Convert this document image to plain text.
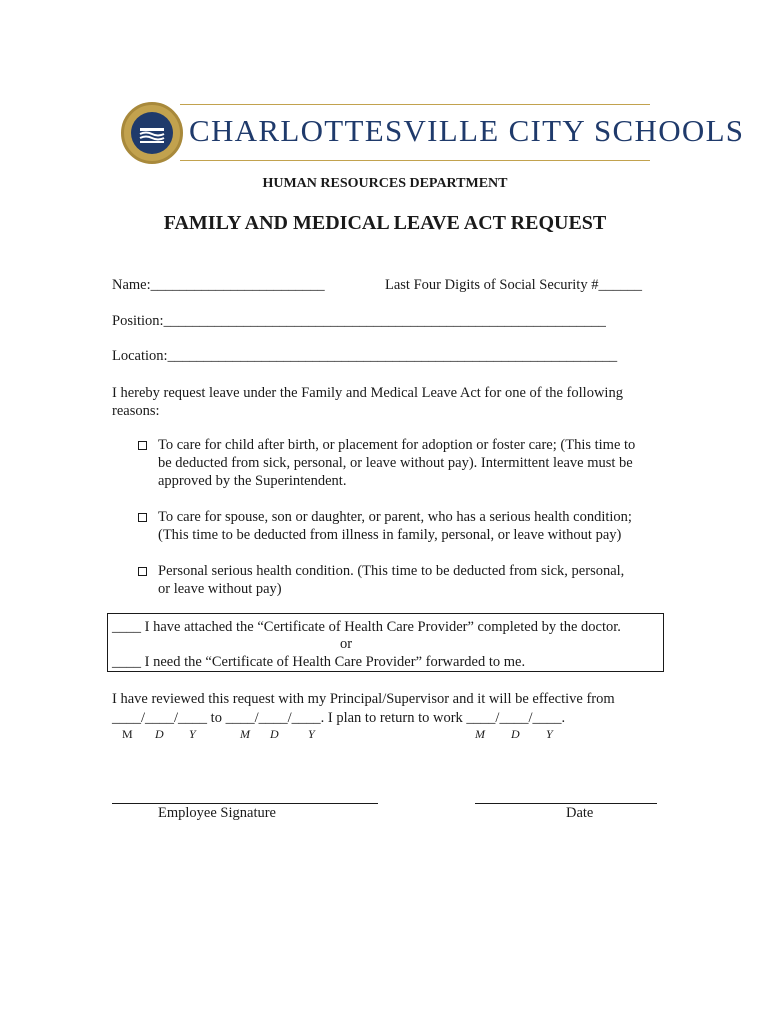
CHARLOTTESVILLE CITY SCHOOLS
HUMAN RESOURCES DEPARTMENT
FAMILY AND MEDICAL LEAVE ACT REQUEST
Name:________________________	Last Four Digits of Social Security #______
Position:_____________________________________________________________
Location:______________________________________________________________
I hereby request leave under the Family and Medical Leave Act for one of the following
reasons:
To care for child after birth, or placement for adoption or foster care; (This time to
be deducted from sick, personal, or leave without pay). Intermittent leave must be
approved by the Superintendent.
To care for spouse, son or daughter, or parent, who has a serious health condition;
(This time to be deducted from illness in family, personal, or leave without pay)
Personal serious health condition. (This time to be deducted from sick, personal,
or leave without pay)
____ I have attached the “Certificate of Health Care Provider” completed by the doctor.
or
____ I need the “Certificate of Health Care Provider” forwarded to me.
I have reviewed this request with my Principal/Supervisor and it will be effective from
____/____/____ to ____/____/____. I plan to return to work ____/____/____.
M D Y	M D Y	M D Y
Employee Signature	Date
